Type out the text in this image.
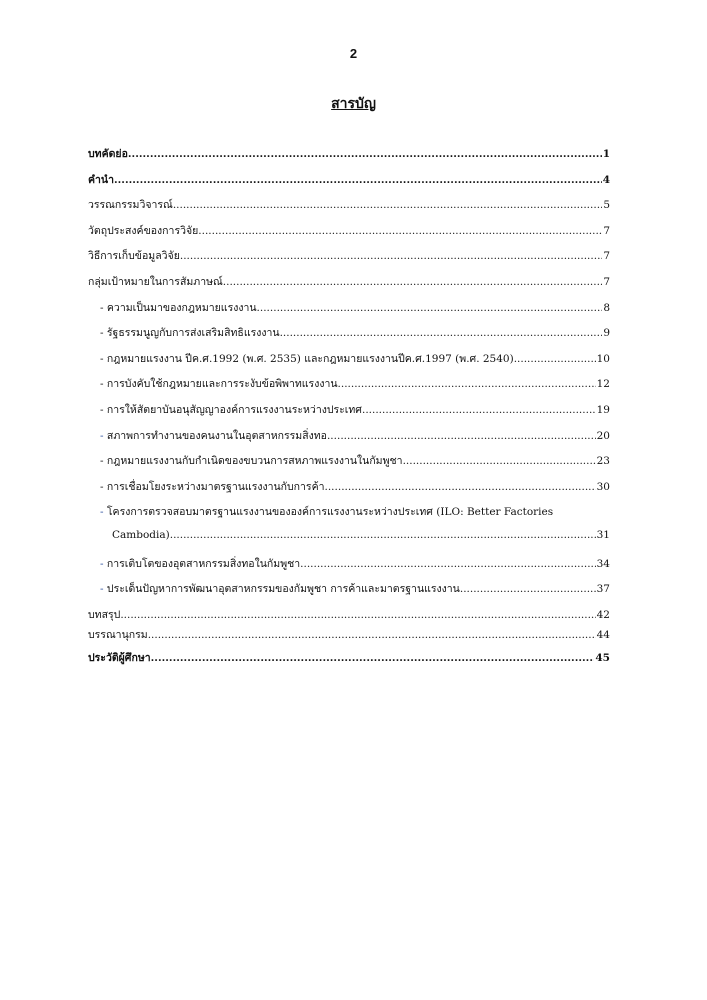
2
สารบัญ
บทคัดย่อ .....	1
คำนำ .....	4
วรรณกรรมวิจารณ์ .....	5
วัตถุประสงค์ของการวิจัย .....	7
วิธีการเก็บข้อมูลวิจัย .....	7
กลุ่มเป้าหมายในการสัมภาษณ์ .....	7
- ความเป็นมาของกฎหมายแรงงาน .....	8
- รัฐธรรมนูญกับการส่งเสริมสิทธิแรงงาน .....	9
- กฎหมายแรงงาน ปีค.ศ.1992 (พ.ศ. 2535) และกฎหมายแรงงานปีค.ศ.1997 (พ.ศ. 2540) .....	10
- การบังคับใช้กฎหมายและการระงับข้อพิพาทแรงงาน .....	12
- การให้สัตยาบันอนุสัญญาองค์การแรงงานระหว่างประเทศ .....	19
- สภาพการทำงานของคนงานในอุตสาหกรรมสิ่งทอ .....	20
- กฎหมายแรงงานกับกำเนิดของขบวนการสหภาพแรงงานในกัมพูชา .....	23
- การเชื่อมโยงระหว่างมาตรฐานแรงงานกับการค้า .....	30
- โครงการตรวจสอบมาตรฐานแรงงานขององค์การแรงงานระหว่างประเทศ (ILO: Better Factories
Cambodia) .....	31
- การเติบโตของอุตสาหกรรมสิ่งทอในกัมพูชา .....	34
- ประเด็นปัญหาการพัฒนาอุตสาหกรรมของกัมพูชา การค้าและมาตรฐานแรงงาน .....	37
บทสรุป .....	42
บรรณานุกรม .....	44
ประวัติผู้ศึกษา .....	45
